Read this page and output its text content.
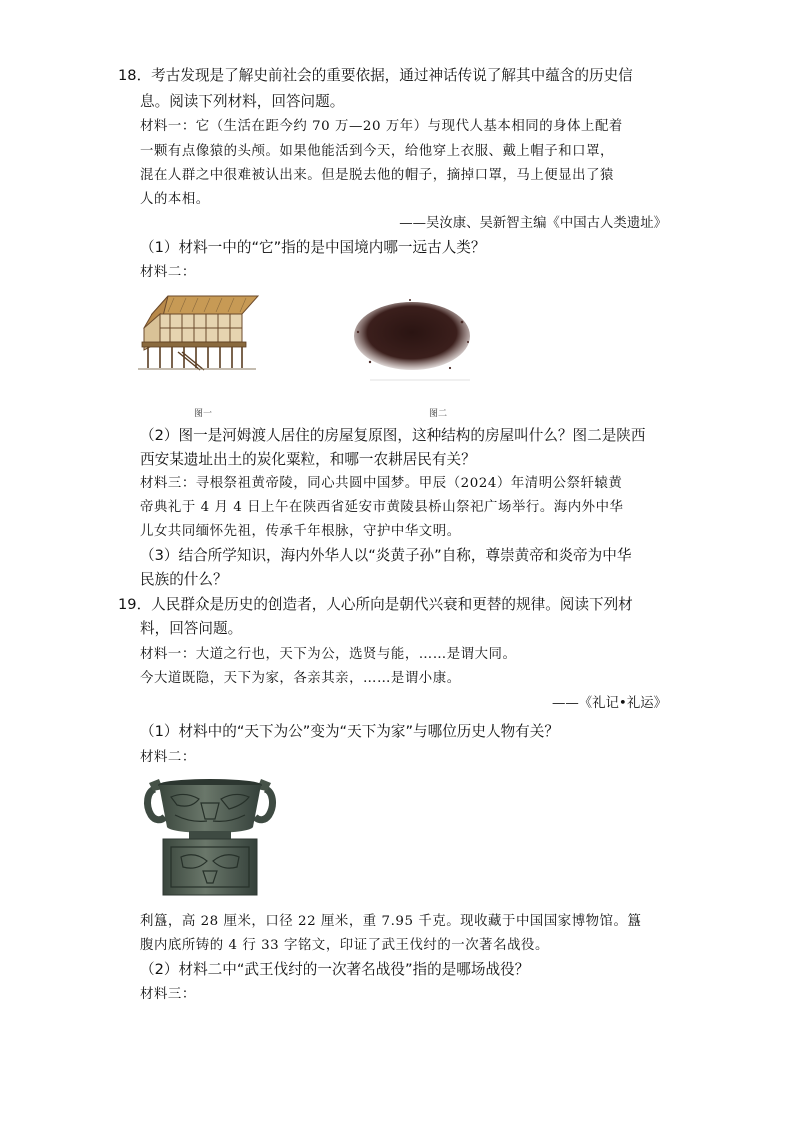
18．考古发现是了解史前社会的重要依据，通过神话传说了解其中蕴含的历史信
息。阅读下列材料，回答问题。
材料一：它（生活在距今约 70 万—20 万年）与现代人基本相同的身体上配着
一颗有点像猿的头颅。如果他能活到今天，给他穿上衣服、戴上帽子和口罩，
混在人群之中很难被认出来。但是脱去他的帽子，摘掉口罩，马上便显出了猿
人的本相。
——吴汝康、吴新智主编《中国古人类遗址》
（1）材料一中的“它”指的是中国境内哪一远古人类？
材料二：
图一	图二
（2）图一是河姆渡人居住的房屋复原图，这种结构的房屋叫什么？图二是陕西
西安某遗址出土的炭化粟粒，和哪一农耕居民有关？
材料三：寻根祭祖黄帝陵，同心共圆中国梦。甲辰（2024）年清明公祭轩辕黄
帝典礼于 4 月 4 日上午在陕西省延安市黄陵县桥山祭祀广场举行。海内外中华
儿女共同缅怀先祖，传承千年根脉，守护中华文明。
（3）结合所学知识，海内外华人以“炎黄子孙”自称，尊崇黄帝和炎帝为中华
民族的什么？
19．人民群众是历史的创造者，人心所向是朝代兴衰和更替的规律。阅读下列材
料，回答问题。
材料一：大道之行也，天下为公，选贤与能，……是谓大同。
今大道既隐，天下为家，各亲其亲，……是谓小康。
——《礼记•礼运》
（1）材料中的“天下为公”变为“天下为家”与哪位历史人物有关？
材料二：
利簋，高 28 厘米，口径 22 厘米，重 7.95 千克。现收藏于中国国家博物馆。簋
腹内底所铸的 4 行 33 字铭文，印证了武王伐纣的一次著名战役。
（2）材料二中“武王伐纣的一次著名战役”指的是哪场战役？
材料三：
